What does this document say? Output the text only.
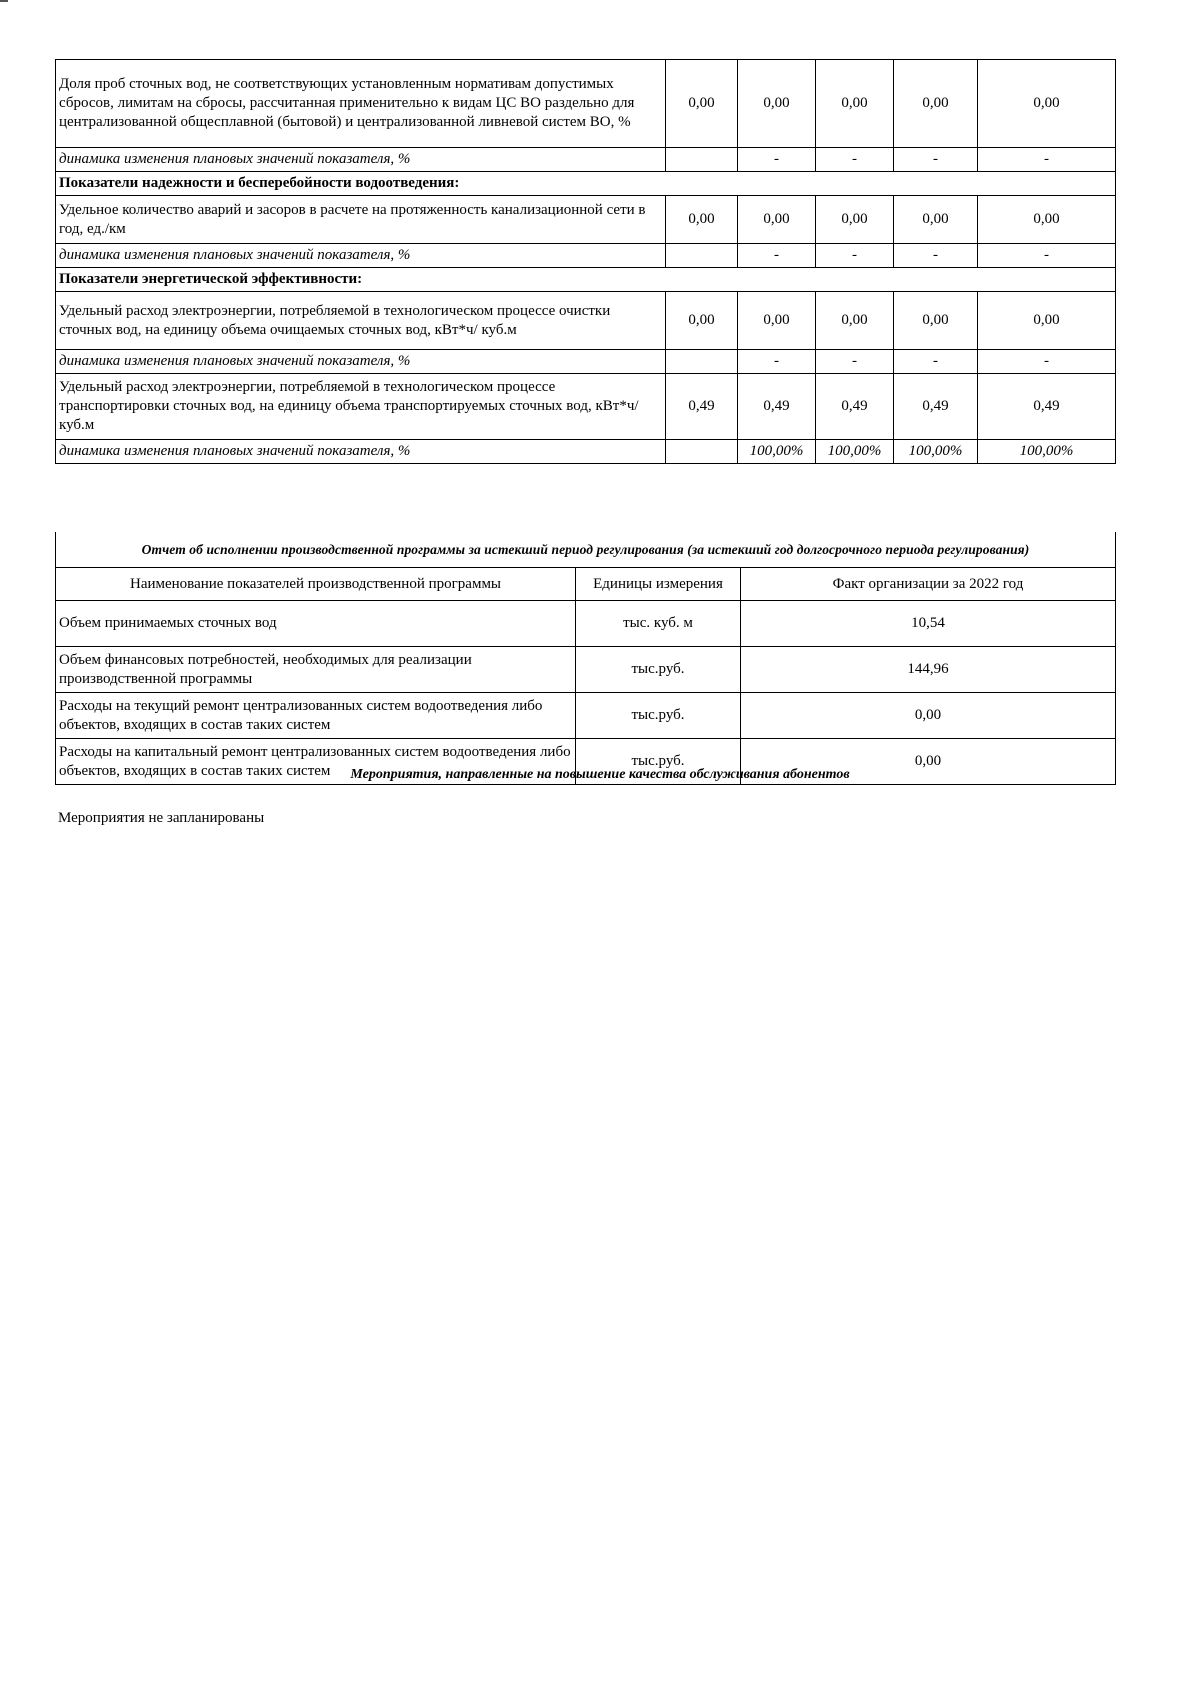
Доля проб сточных вод, не соответствующих установленным нормативам допустимых сбросов, лимитам на сбросы, рассчитанная применительно к видам ЦС ВО раздельно для централизованной общесплавной (бытовой) и централизованной ливневой систем ВО, %	0,00	0,00	0,00	0,00	0,00
динамика изменения плановых значений показателя, %		-	-	-	-
Показатели надежности и бесперебойности водоотведения:					
Удельное количество аварий и засоров в расчете на протяженность канализационной сети в год, ед./км	0,00	0,00	0,00	0,00	0,00
динамика изменения плановых значений показателя, %		-	-	-	-
Показатели энергетической эффективности:					
Удельный расход электроэнергии, потребляемой в технологическом процессе очистки сточных вод, на единицу объема очищаемых сточных вод, кВт*ч/ куб.м	0,00	0,00	0,00	0,00	0,00
динамика изменения плановых значений показателя, %		-	-	-	-
Удельный расход электроэнергии, потребляемой в технологическом процессе транспортировки сточных вод, на единицу объема транспортируемых сточных вод, кВт*ч/ куб.м	0,49	0,49	0,49	0,49	0,49
динамика изменения плановых значений показателя, %		100,00%	100,00%	100,00%	100,00%
Отчет об исполнении производственной программы за истекший период регулирования (за истекший год долгосрочного периода регулирования)		
Наименование показателей производственной программы	Единицы измерения	Факт организации за 2022 год
Объем принимаемых сточных вод	тыс. куб. м	10,54
Объем финансовых потребностей, необходимых для реализации производственной программы	тыс.руб.	144,96
Расходы на текущий ремонт централизованных систем водоотведения либо объектов, входящих в состав таких систем	тыс.руб.	0,00
Расходы на капитальный ремонт централизованных систем водоотведения либо объектов, входящих в состав таких систем	тыс.руб.	0,00
Мероприятия, направленные на повышение качества обслуживания абонентов
Мероприятия не запланированы
